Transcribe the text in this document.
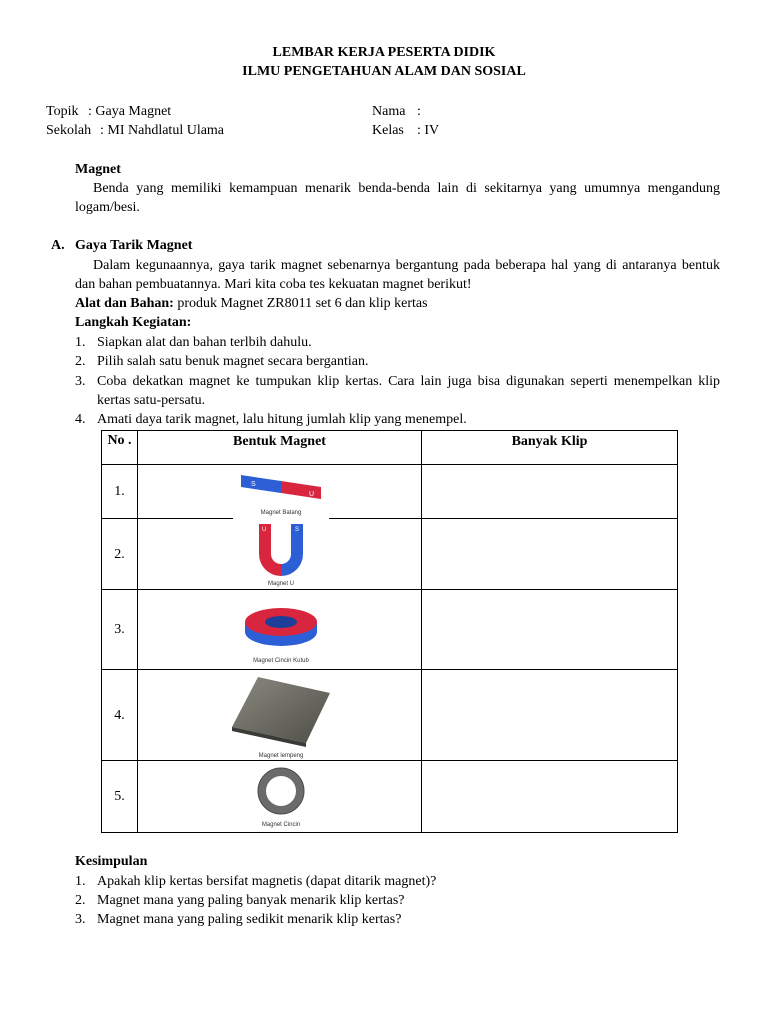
LEMBAR KERJA PESERTA DIDIK
ILMU PENGETAHUAN ALAM DAN SOSIAL
Topik : Gaya Magnet
Sekolah : MI Nahdlatul Ulama
Nama :
Kelas : IV
Magnet
Benda yang memiliki kemampuan menarik benda-benda lain di sekitarnya yang umumnya mengandung logam/besi.
A. Gaya Tarik Magnet
Dalam kegunaannya, gaya tarik magnet sebenarnya bergantung pada beberapa hal yang di antaranya bentuk dan bahan pembuatannya. Mari kita coba tes kekuatan magnet berikut!
Alat dan Bahan: produk Magnet ZR8011 set 6 dan klip kertas
Langkah Kegiatan:
1. Siapkan alat dan bahan terlbih dahulu.
2. Pilih salah satu benuk magnet secara bergantian.
3. Coba dekatkan magnet ke tumpukan klip kertas. Cara lain juga bisa digunakan seperti menempelkan klip kertas satu-persatu.
4. Amati daya tarik magnet, lalu hitung jumlah klip yang menempel.
No .	Bentuk Magnet	Banyak Klip
1.	S
U
Magnet Batang	

2.	U S
Magnet U	

3.	Magnet Cincin Kutub	

4.	Magnet lempeng	

5.	Magnet Cincin	

Kesimpulan
1. Apakah klip kertas bersifat magnetis (dapat ditarik magnet)?
2. Magnet mana yang paling banyak menarik klip kertas?
3. Magnet mana yang paling sedikit menarik klip kertas?
